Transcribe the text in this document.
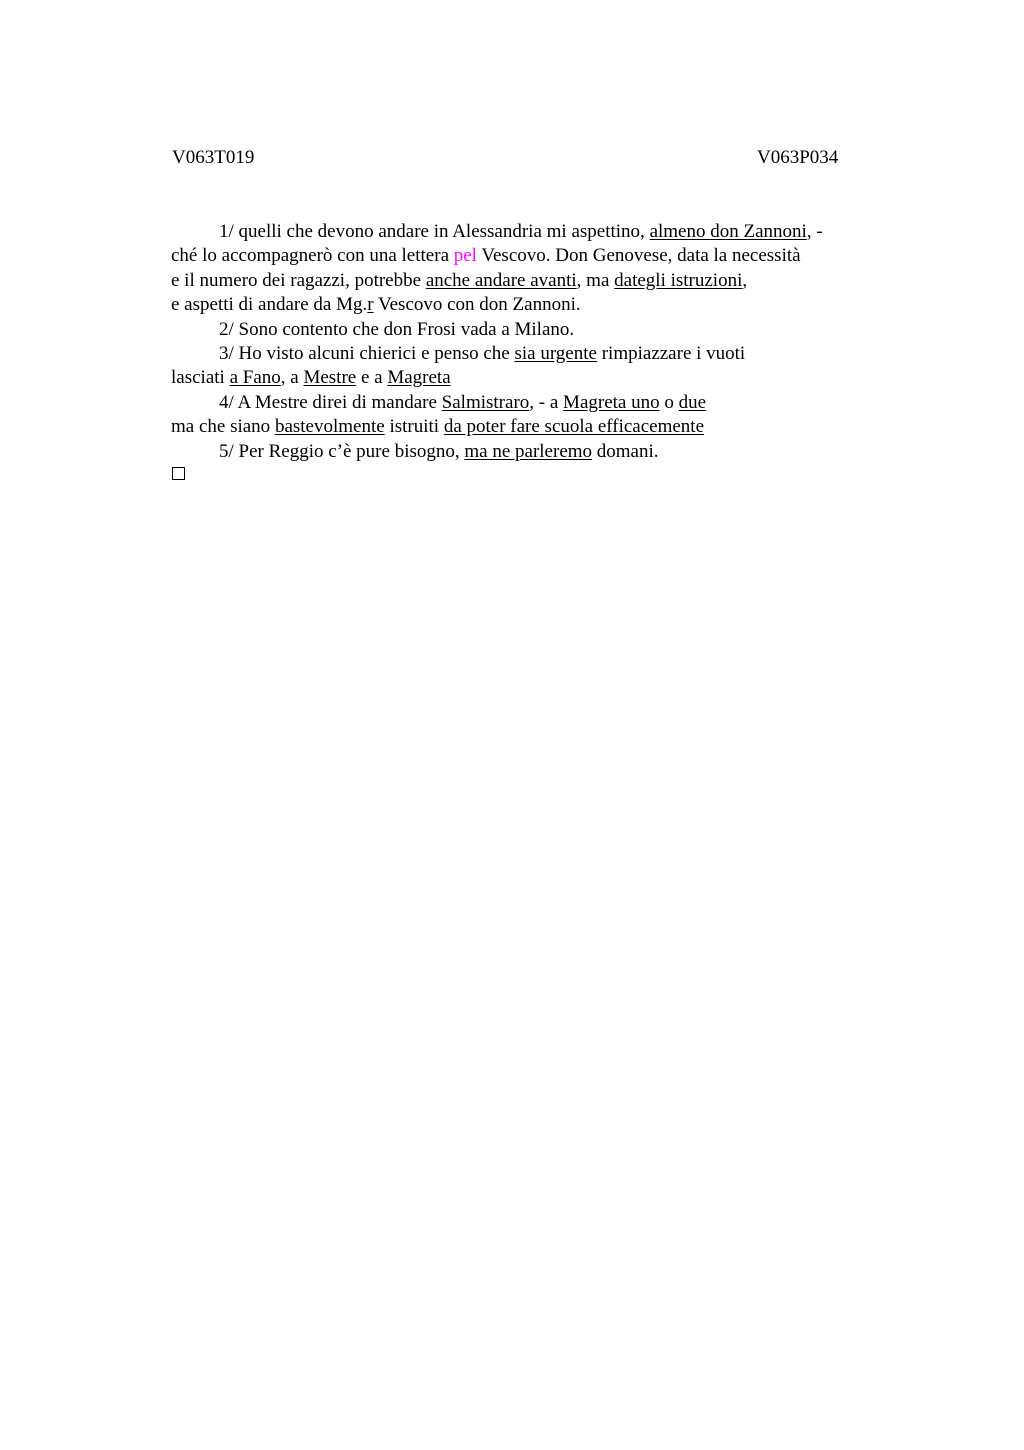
V063T019	V063P034
1/ quelli che devono andare in Alessandria mi aspettino, almeno don Zannoni, -
ché lo accompagnerò con una lettera pel Vescovo. Don Genovese, data la necessità
e il numero dei ragazzi, potrebbe anche andare avanti, ma dategli istruzioni,
e aspetti di andare da Mg.r Vescovo con don Zannoni.
2/ Sono contento che don Frosi vada a Milano.
3/ Ho visto alcuni chierici e penso che sia urgente rimpiazzare i vuoti
lasciati a Fano, a Mestre e a Magreta
4/ A Mestre direi di mandare Salmistraro, - a Magreta uno o due
ma che siano bastevolmente istruiti da poter fare scuola efficacemente
5/ Per Reggio c’è pure bisogno, ma ne parleremo domani.
